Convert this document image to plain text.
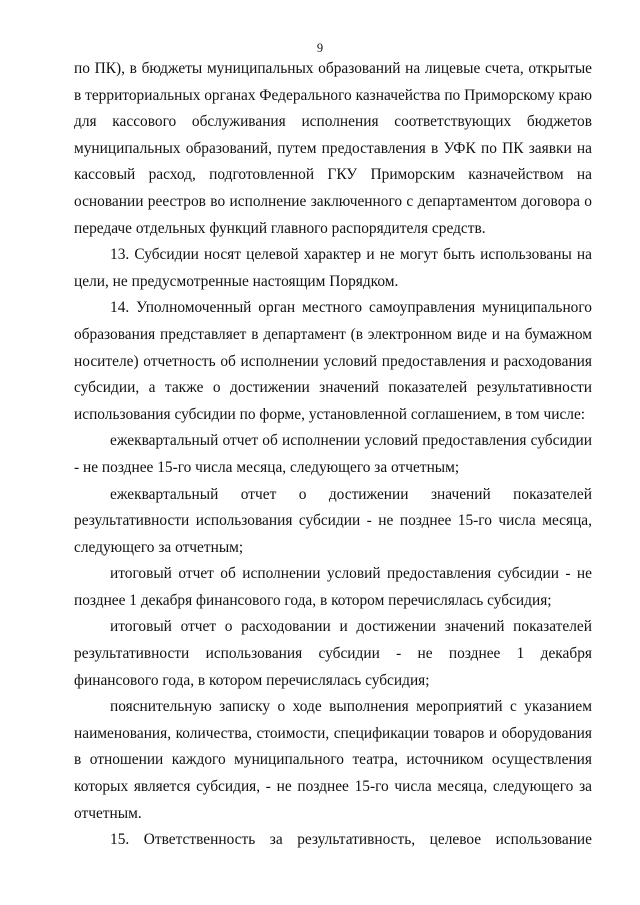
9

по ПК), в бюджеты муниципальных образований на лицевые счета, открытые в территориальных органах Федерального казначейства по Приморскому краю для кассового обслуживания исполнения соответствующих бюджетов муниципальных образований, путем предоставления в УФК по ПК заявки на кассовый расход, подготовленной ГКУ Приморским казначейством на основании реестров во исполнение заключенного с департаментом договора о передаче отдельных функций главного распорядителя средств.

13. Субсидии носят целевой характер и не могут быть использованы на цели, не предусмотренные настоящим Порядком.

14. Уполномоченный орган местного самоуправления муниципального образования представляет в департамент (в электронном виде и на бумажном носителе) отчетность об исполнении условий предоставления и расходования субсидии, а также о достижении значений показателей результативности использования субсидии по форме, установленной соглашением, в том числе:

ежеквартальный отчет об исполнении условий предоставления субсидии - не позднее 15-го числа месяца, следующего за отчетным;

ежеквартальный отчет о достижении значений показателей результативности использования субсидии - не позднее 15-го числа месяца, следующего за отчетным;

итоговый отчет об исполнении условий предоставления субсидии - не позднее 1 декабря финансового года, в котором перечислялась субсидия;

итоговый отчет о расходовании и достижении значений показателей результативности использования субсидии - не позднее 1 декабря финансового года, в котором перечислялась субсидия;

пояснительную записку о ходе выполнения мероприятий с указанием наименования, количества, стоимости, спецификации товаров и оборудования в отношении каждого муниципального театра, источником осуществления которых является субсидия, - не позднее 15-го числа месяца, следующего за отчетным.

15. Ответственность за результативность, целевое использование
